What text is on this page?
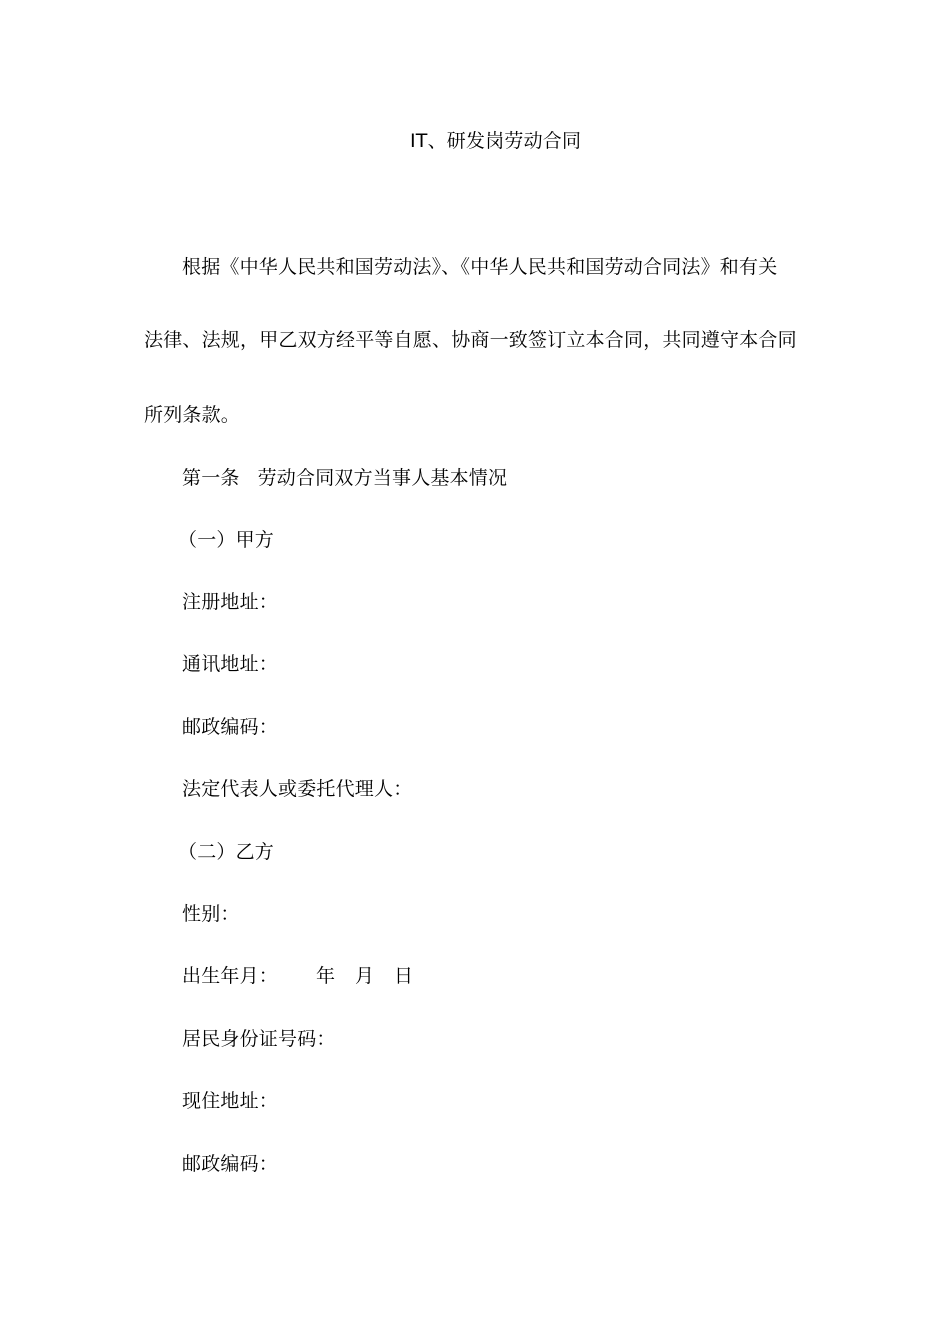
IT、研发岗劳动合同
根据《中华人民共和国劳动法》、《中华人民共和国劳动合同法》和有关
法律、法规，甲乙双方经平等自愿、协商一致签订立本合同，共同遵守本合同
所列条款。
第一条 劳动合同双方当事人基本情况
（一）甲方
注册地址：
通讯地址：
邮政编码：
法定代表人或委托代理人：
（二）乙方
性别：
出生年月： 年 月 日
居民身份证号码：
现住地址：
邮政编码：
